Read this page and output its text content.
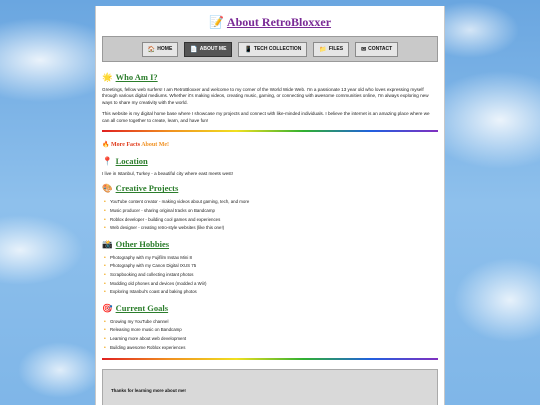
📝 About RetroBloxxer
🏠 HOME	📄 ABOUT ME	📱 TECH COLLECTION	📁 FILES	✉ CONTACT
🌟 Who Am I?

Greetings, fellow web surfers! I am RetroBloxxer and welcome to my corner of the World Wide Web. I'm a passionate 13 year old who loves expressing myself through various digital mediums. Whether it's making videos, creating music, gaming, or connecting with awesome communities online, I'm always exploring new ways to share my creativity with the world.

This website is my digital home base where I showcase my projects and connect with like-minded individuals. I believe the internet is an amazing place where we can all come together to create, learn, and have fun!

🔥 More Facts About Me!
📍 Location

I live in Istanbul, Turkey - a beautiful city where east meets west!

🎨 Creative Projects
• YouTube content creator - making videos about gaming, tech, and more
• Music producer - sharing original tracks on Bandcamp
• Roblox developer - building cool games and experiences
• Web designer - creating retro-style websites (like this one!)
📸 Other Hobbies
• Photography with my Fujifilm Instax Mini 8
• Photography with my Canon Digital IXUS 75
• Scrapbooking and collecting instant photos
• Modding old phones and devices (modded a Wii!)
• Exploring Istanbul's coast and baking photos
🎯 Current Goals
• Growing my YouTube channel
• Releasing more music on Bandcamp
• Learning more about web development
• Building awesome Roblox experiences
Thanks for learning more about me!
